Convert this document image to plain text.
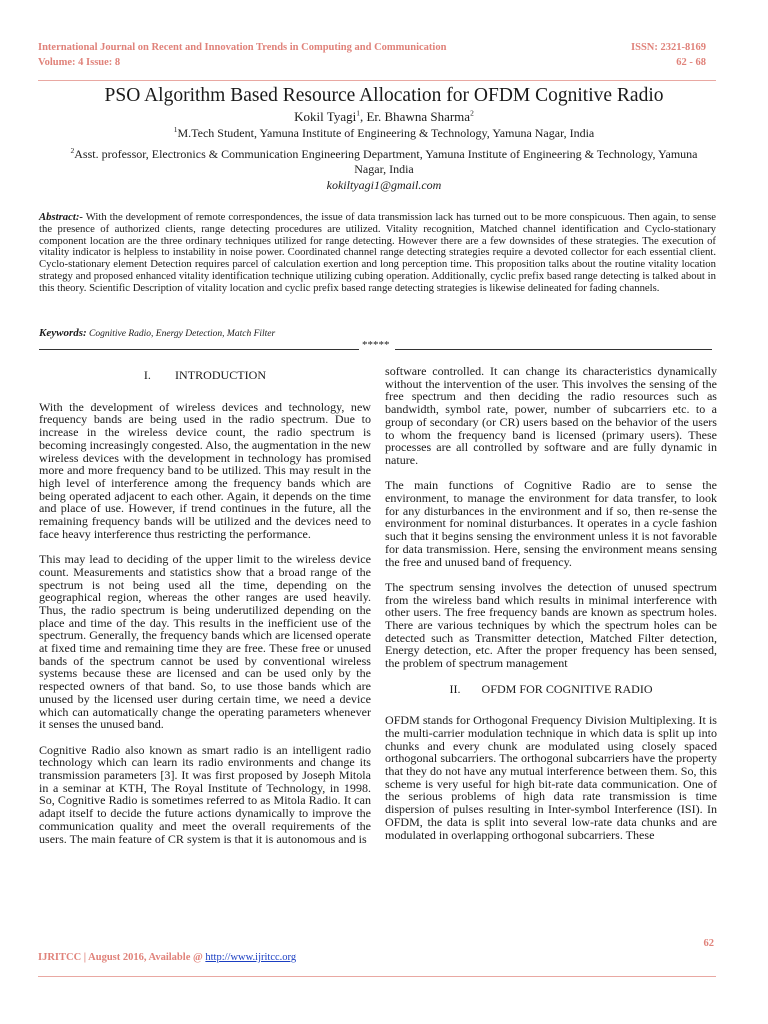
International Journal on Recent and Innovation Trends in Computing and Communication
Volume: 4 Issue: 8
ISSN: 2321-8169
62 - 68
PSO Algorithm Based Resource Allocation for OFDM Cognitive Radio
Kokil Tyagi$^1$, Er. Bhawna Sharma$^2$
$^1$M.Tech Student, Yamuna Institute of Engineering & Technology, Yamuna Nagar, India
$^2$Asst. professor, Electronics & Communication Engineering Department, Yamuna Institute of Engineering & Technology, Yamuna Nagar, India
kokiltyagi1@gmail.com
Abstract:- With the development of remote correspondences, the issue of data transmission lack has turned out to be more conspicuous. Then again, to sense the presence of authorized clients, range detecting procedures are utilized. Vitality recognition, Matched channel identification and Cyclo-stationary component location are the three ordinary techniques utilized for range detecting. However there are a few downsides of these strategies. The execution of vitality indicator is helpless to instability in noise power. Coordinated channel range detecting strategies require a devoted collector for each essential client. Cyclo-stationary element Detection requires parcel of calculation exertion and long perception time. This proposition talks about the routine vitality location strategy and proposed enhanced vitality identification technique utilizing cubing operation. Additionally, cyclic prefix based range detecting is talked about in this theory. Scientific Description of vitality location and cyclic prefix based range detecting strategies is likewise delineated for fading channels.
Keywords: Cognitive Radio, Energy Detection, Match Filter
*****
I.        INTRODUCTION

With the development of wireless devices and technology, new frequency bands are being used in the radio spectrum. Due to increase in the wireless device count, the radio spectrum is becoming increasingly congested. Also, the augmentation in the new wireless devices with the development in technology has promised more and more frequency band to be utilized. This may result in the high level of interference among the frequency bands which are being operated adjacent to each other. Again, it depends on the time and place of use. However, if trend continues in the future, all the remaining frequency bands will be utilized and the devices need to face heavy interference thus restricting the performance.

This may lead to deciding of the upper limit to the wireless device count. Measurements and statistics show that a broad range of the spectrum is not being used all the time, depending on the geographical region, whereas the other ranges are used heavily. Thus, the radio spectrum is being underutilized depending on the place and time of the day. This results in the inefficient use of the spectrum. Generally, the frequency bands which are licensed operate at fixed time and remaining time they are free. These free or unused bands of the spectrum cannot be used by conventional wireless systems because these are licensed and can be used only by the respected owners of that band. So, to use those bands which are unused by the licensed user during certain time, we need a device which can automatically change the operating parameters whenever it senses the unused band.

Cognitive Radio also known as smart radio is an intelligent radio technology which can learn its radio environments and change its transmission parameters [3]. It was first proposed by Joseph Mitola in a seminar at KTH, The Royal Institute of Technology, in 1998. So, Cognitive Radio is sometimes referred to as Mitola Radio. It can adapt itself to decide the future actions dynamically to improve the communication quality and meet the overall requirements of the users. The main feature of CR system is that it is autonomous and is

software controlled. It can change its characteristics dynamically without the intervention of the user. This involves the sensing of the free spectrum and then deciding the radio resources such as bandwidth, symbol rate, power, number of subcarriers etc. to a group of secondary (or CR) users based on the behavior of the users to whom the frequency band is licensed (primary users). These processes are all controlled by software and are fully dynamic in nature.

The main functions of Cognitive Radio are to sense the environment, to manage the environment for data transfer, to look for any disturbances in the environment and if so, then re-sense the environment for nominal disturbances. It operates in a cycle fashion such that it begins sensing the environment unless it is not favorable for data transmission. Here, sensing the environment means sensing the free and unused band of frequency.

The spectrum sensing involves the detection of unused spectrum from the wireless band which results in minimal interference with other users. The free frequency bands are known as spectrum holes. There are various techniques by which the spectrum holes can be detected such as Transmitter detection, Matched Filter detection, Energy detection, etc. After the proper frequency has been sensed, the problem of spectrum management

II.       OFDM FOR COGNITIVE RADIO

OFDM stands for Orthogonal Frequency Division Multiplexing. It is the multi-carrier modulation technique in which data is split up into chunks and every chunk are modulated using closely spaced orthogonal subcarriers. The orthogonal subcarriers have the property that they do not have any mutual interference between them. So, this scheme is very useful for high bit-rate data communication. One of the serious problems of high data rate transmission is time dispersion of pulses resulting in Inter-symbol Interference (ISI). In OFDM, the data is split into several low-rate data chunks and are modulated in overlapping orthogonal subcarriers. These

62
IJRITCC | August 2016, Available @ http://www.ijritcc.org
